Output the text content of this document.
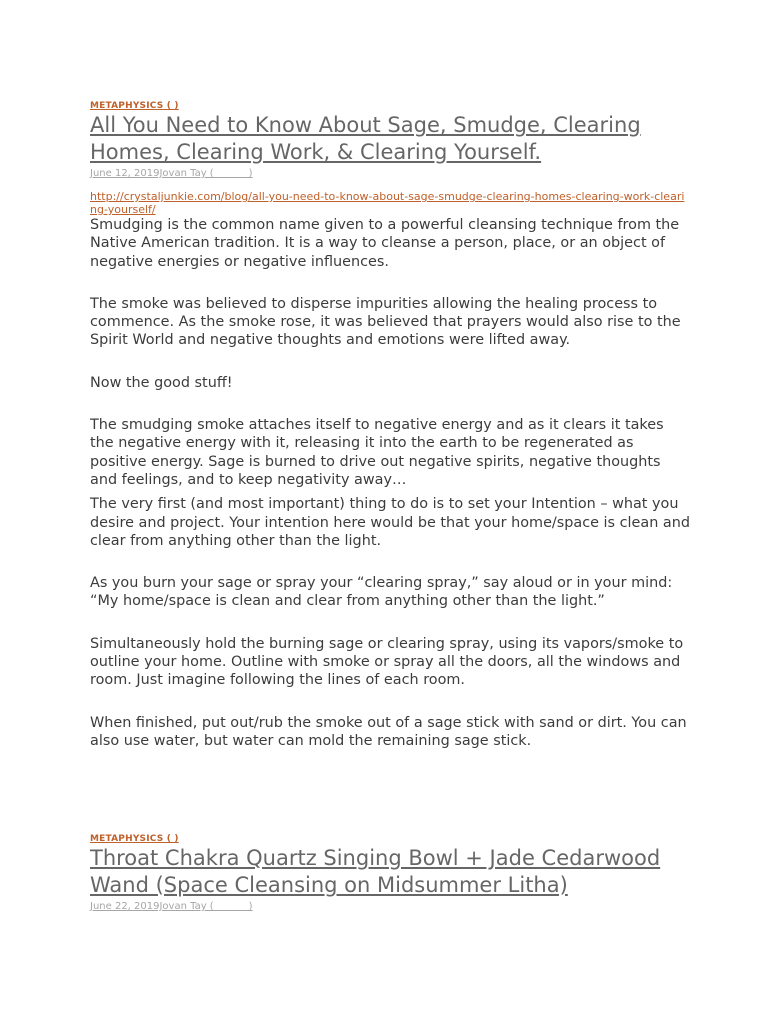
METAPHYSICS ( )
All You Need to Know About Sage, Smudge, Clearing Homes, Clearing Work, & Clearing Yourself.
June 12, 2019Jovan Tay (           )
http://crystaljunkie.com/blog/all-you-need-to-know-about-sage-smudge-clearing-homes-clearing-work-clearing-yourself/

Smudging is the common name given to a powerful cleansing technique from the Native American tradition. It is a way to cleanse a person, place, or an object of negative energies or negative influences.

The smoke was believed to disperse impurities allowing the healing process to commence. As the smoke rose, it was believed that prayers would also rise to the Spirit World and negative thoughts and emotions were lifted away.

Now the good stuff!

The smudging smoke attaches itself to negative energy and as it clears it takes the negative energy with it, releasing it into the earth to be regenerated as positive energy. Sage is burned to drive out negative spirits, negative thoughts and feelings, and to keep negativity away…

The very first (and most important) thing to do is to set your Intention – what you desire and project. Your intention here would be that your home/space is clean and clear from anything other than the light.

As you burn your sage or spray your “clearing spray,” say aloud or in your mind: “My home/space is clean and clear from anything other than the light.”

Simultaneously hold the burning sage or clearing spray, using its vapors/smoke to outline your home. Outline with smoke or spray all the doors, all the windows and room. Just imagine following the lines of each room.

When finished, put out/rub the smoke out of a sage stick with sand or dirt. You can also use water, but water can mold the remaining sage stick.

METAPHYSICS ( )
Throat Chakra Quartz Singing Bowl + Jade Cedarwood Wand (Space Cleansing on Midsummer Litha)
June 22, 2019Jovan Tay (           )
